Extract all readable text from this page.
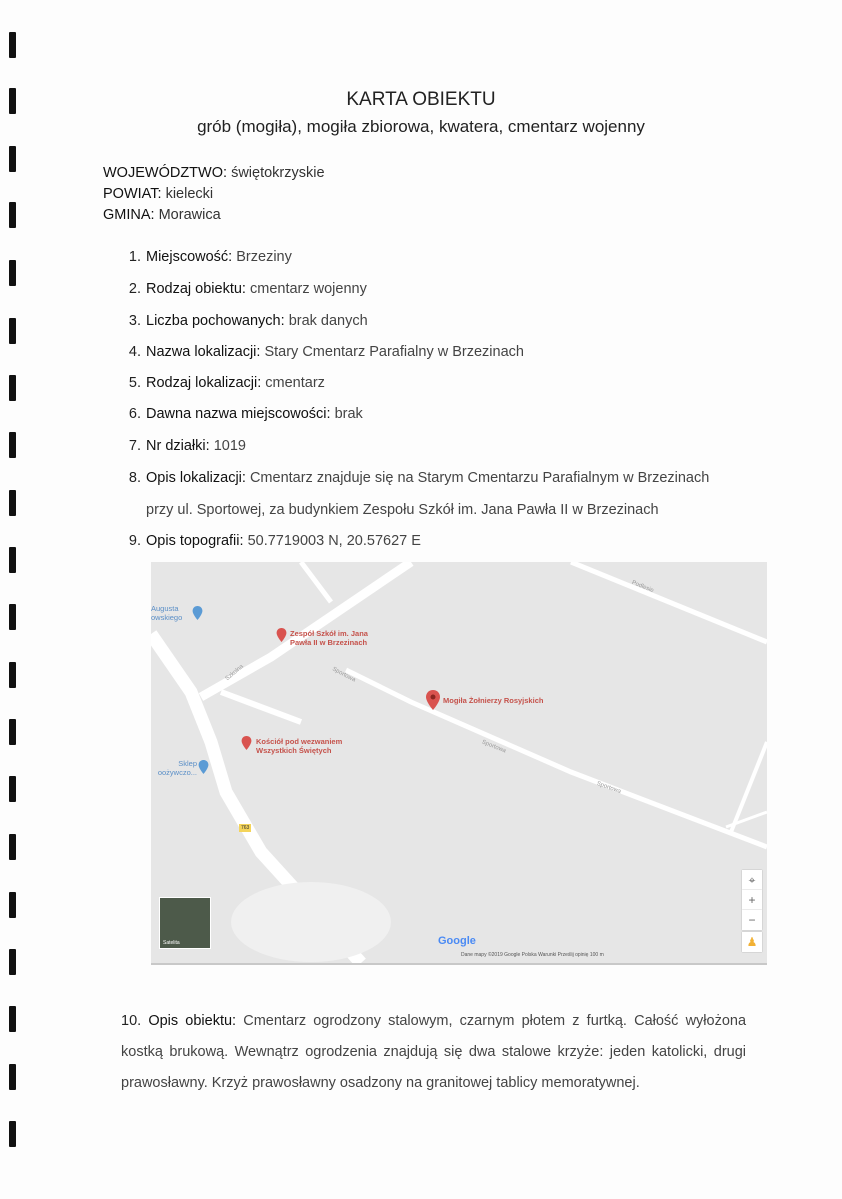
KARTA OBIEKTU
grób (mogiła), mogiła zbiorowa, kwatera, cmentarz wojenny
WOJEWÓDZTWO: świętokrzyskie
POWIAT: kielecki
GMINA: Morawica
1. Miejscowość: Brzeziny
2. Rodzaj obiektu: cmentarz wojenny
3. Liczba pochowanych: brak danych
4. Nazwa lokalizacji: Stary Cmentarz Parafialny w Brzezinach
5. Rodzaj lokalizacji: cmentarz
6. Dawna nazwa miejscowości: brak
7. Nr działki: 1019
8. Opis lokalizacji: Cmentarz znajduje się na Starym Cmentarzu Parafialnym w Brzezinach
przy ul. Sportowej, za budynkiem Zespołu Szkół im. Jana Pawła II w Brzezinach
9. Opis topografii: 50.7719003 N, 20.57627 E
Mogiła Żołnierzy Rosyjskich
Zespół Szkół im. Jana Pawła II w Brzezinach
Kościół pod wezwaniem Wszystkich Świętych
Augusta owskiego
Sklep oożywczo...
Szkolna	Sportowa
Sportowa
Sportowa
Podlesie
763
⌖
+
−
♟
Satelita	Google
Dane mapy ©2019 Google Polska Warunki Prześlij opinię 100 m
10. Opis obiektu: Cmentarz ogrodzony stalowym, czarnym płotem z furtką. Całość wyłożona kostką brukową. Wewnątrz ogrodzenia znajdują się dwa stalowe krzyże: jeden katolicki, drugi prawosławny. Krzyż prawosławny osadzony na granitowej tablicy memoratywnej.
